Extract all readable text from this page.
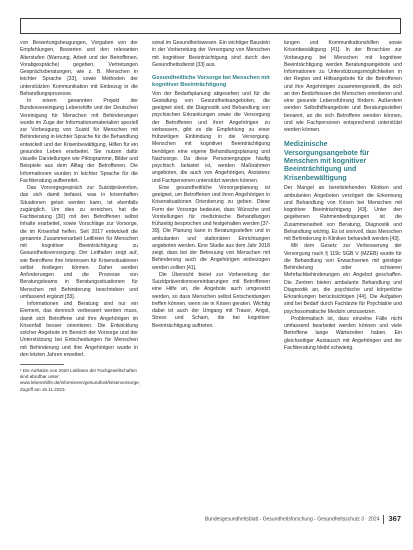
von Bewertungsbeugungen, Vorgaben von der Empfehlungen, Bewerten und den relevanten Alterstufen (Warnung, Arbeit und der Betroffenen, Vorabgespräche) gegeben, Vertretungen Gesprächsberatungen, wie z. B. Menschen in leichter Sprache [33], sowie Methoden der unterstützten Kommunikation mit Einbezug in die Behandlungsprozesse.

In einem genannten Projekt der Bundesvereinigung Lebenshilfe und der Deutschen Vereinigung für Menschen mit Behinderungen wurde im Zuge der Informationsmaterialien speziell zur Vorbeugung von Suizid für Menschen mit Behinderung in leichter Sprache für die Behandlung entwickelt und der Krisenbewältigung, Hilfen für ein gesundes Leben erarbeitet. Sie nutzen dafür visuelle Darstellungen wie Piktogramme, Bilder und Beispiele aus dem Alltag der Betroffenen. Die Informationen wurden in leichter Sprache für die Fachberatung aufbereitet.

Das Vorsorgegespräch zur Suizidprävention, das sich damit befasst, was in krisenhaften Situationen getan werden kann, ist ebenfalls zugänglich. Um dies zu erreichen, hat die Fachberatung [30] mit den Betroffenen selbst Inhalte erarbeitet, sowie Vorschläge zur Vorsorge, die im Krisenfall helfen. Seit 2017 entwickelt die genannte Zusammenarbeit Leitlinien für Menschen mit kognitiver Beeinträchtigung zu Gesundheitsversorgung. Der Leitfaden zeigt auf, wie Betroffene ihre Interessen für Krisensituationen selbst festlegen können. Daher werden Anforderungen und die Prozesse von Beratungsteams in Beratungssituationen für Menschen mit Behinderung beschrieben und umfassend ergänzt [33].

Informationen und Beratung sind nur ein Element, das dennoch verbessert werden muss, damit sich Betroffene und ihre Angehörigen im Krisenfall besser orientieren. Die Entwicklung solcher Angebote im Bereich der Vorsorge und der Unterstützung bei Entscheidungen für Menschen mit Behinderung und ihre Angehörigen wurde in den letzten Jahren erweitert.

¹ Die Aufsätze von 2020 Leitlinien der Fachgesellschaften sind abrufbar unter: www.lebenshilfe.de/informieren/gesundheit/krisenvorsorge, Zugriff am 15.11.2023.

sonal im Gesundheitswesen. Ein wichtiger Baustein in der Vorbereitung der Versorgung von Menschen mit kognitiver Beeinträchtigung sind durch den Gesundheitsdienst [33] aus.

Gesundheitliche Vorsorge bei Menschen mit kognitiver Beeinträchtigung

Von der Bedarfsplanung abgesehen und für die Gestaltung von Gesundheitsangeboten, die geeignet sind, die Diagnostik und Behandlung von psychischen Erkrankungen sowie die Versorgung der Betroffenen und ihrer Angehörigen zu verbessern, gibt es die Empfehlung zu einer frühzeitigen Einbindung in die Versorgung. Menschen mit kognitiver Beeinträchtigung benötigen eine eigene Behandlungsplanung und Nachsorge. Da diese Personengruppe häufig psychisch belastet ist, werden Maßnahmen angeboten, die auch von Angehörigen, Assistenz und Fachpersonen unterstützt werden können.

Eine gesundheitliche Vorsorgeplanung ist geeignet, um Betroffenen und ihren Angehörigen in Krisensituationen Orientierung zu geben. Diese Form der Vorsorge bedeutet, dass Wünsche und Vorstellungen für medizinische Behandlungen frühzeitig besprochen und festgehalten werden [37-39]. Die Planung kann in Beratungsstellen und in ambulanten und stationären Einrichtungen angeboten werden. Eine Studie aus dem Jahr 2018 zeigt, dass bei der Betreuung von Menschen mit Behinderung auch die Angehörigen einbezogen werden sollten [41].

Die Übersicht bietet zur Vorbereitung der Suizidpräventionsvereinbarungen mit Betroffenen eine Hilfe an, die Angebote auch umgesetzt werden, so dass Menschen selbst Entscheidungen treffen können, wenn sie in Krisen geraten. Wichtig dabei ist auch der Umgang mit Trauer, Angst, Stress und Scham, die bei kognitiver Beeinträchtigung auftreten.

tungen und Kommunikationshilfen sowie Krisenbewältigung [41]. In der Broschüre zur Vorbeugung bei Menschen mit kognitiver Beeinträchtigung werden Beratungsangebote und Informationen zu Unterstützungsmöglichkeiten in der Region und Hilfsangebote für die Betroffenen und ihre Angehörigen zusammengestellt, die sich an den Bedürfnissen der Menschen orientieren und eine gesunde Lebensführung fördern. Außerdem werden Selbsthilfeangebote und Beratungsstellen benannt, an die sich Betroffene wenden können, und wie Fachpersonen entsprechend unterstützt werden können.

Medizinische Versorgungsangebote für Menschen mit kognitiver Beeinträchtigung und Krisenbewältigung

Der Mangel an bereitstehenden Kliniken und ambulanten Angeboten verzögert die Erkennung und Behandlung von Krisen bei Menschen mit kognitiver Beeinträchtigung [43]. Unter den gegebenen Rahmenbedingungen ist die Zusammenarbeit von Beratung, Diagnostik und Behandlung wichtig. Es ist sinnvoll, dass Menschen mit Behinderung in Kliniken behandelt werden [43].

Mit dem Gesetz zur Verbesserung der Versorgung nach § 119c SGB V (MZEB) wurde für die Behandlung von Erwachsenen mit geistiger Behinderung oder schweren Mehrfachbehinderungen ein Angebot geschaffen. Die Zentren bieten ambulante Behandlung und Diagnostik an, die psychische und körperliche Erkrankungen berücksichtigen [44]. Die Aufgaben sind bei Bedarf durch Fachärzte für Psychiatrie und psychosomatische Medizin umzusetzen.

Problematisch ist, dass einzelne Fälle nicht umfassend bearbeitet werden können und viele Betroffene lange Wartezeiten haben. Ein gleichzeitiger Austausch mit Angehörigen und der Fachberatung bleibt schwierig.

Bundesgesundheitsblatt - Gesundheitsforschung - Gesundheitsschutz 3 · 2024 367
